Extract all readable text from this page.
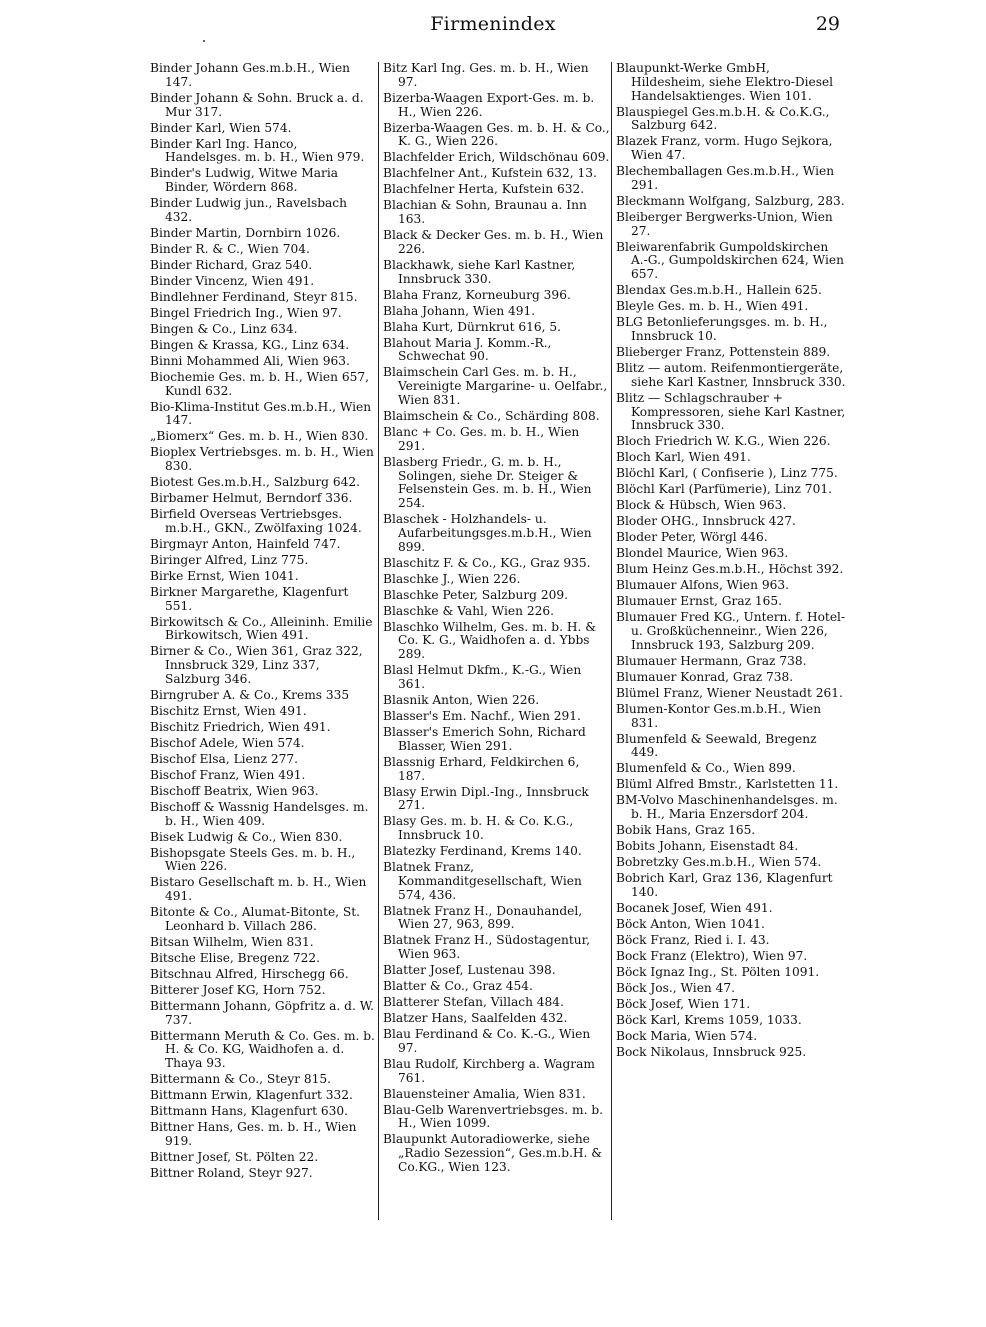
Firmenindex	29
Binder Johann Ges.m.b.H., Wien 147.
Binder Johann & Sohn. Bruck a. d. Mur 317.
Binder Karl, Wien 574.
Binder Karl Ing. Hanco, Handelsges. m. b. H., Wien 979.
Binder's Ludwig, Witwe Maria Binder, Wördern 868.
Binder Ludwig jun., Ravelsbach 432.
Binder Martin, Dornbirn 1026.
Binder R. & C., Wien 704.
Binder Richard, Graz 540.
Binder Vincenz, Wien 491.
Bindlehner Ferdinand, Steyr 815.
Bingel Friedrich Ing., Wien 97.
Bingen & Co., Linz 634.
Bingen & Krassa, KG., Linz 634.
Binni Mohammed Ali, Wien 963.
Biochemie Ges. m. b. H., Wien 657, Kundl 632.
Bio-Klima-Institut Ges.m.b.H., Wien 147.
„Biomerx“ Ges. m. b. H., Wien 830.
Bioplex Vertriebsges. m. b. H., Wien 830.
Biotest Ges.m.b.H., Salzburg 642.
Birbamer Helmut, Berndorf 336.
Birfield Overseas Vertriebsges. m.b.H., GKN., Zwölfaxing 1024.
Birgmayr Anton, Hainfeld 747.
Biringer Alfred, Linz 775.
Birke Ernst, Wien 1041.
Birkner Margarethe, Klagenfurt 551.
Birkowitsch & Co., Alleininh. Emilie Birkowitsch, Wien 491.
Birner & Co., Wien 361, Graz 322, Innsbruck 329, Linz 337, Salzburg 346.
Birngruber A. & Co., Krems 335
Bischitz Ernst, Wien 491.
Bischitz Friedrich, Wien 491.
Bischof Adele, Wien 574.
Bischof Elsa, Lienz 277.
Bischof Franz, Wien 491.
Bischoff Beatrix, Wien 963.
Bischoff & Wassnig Handelsges. m. b. H., Wien 409.
Bisek Ludwig & Co., Wien 830.
Bishopsgate Steels Ges. m. b. H., Wien 226.
Bistaro Gesellschaft m. b. H., Wien 491.
Bitonte & Co., Alumat-Bitonte, St. Leonhard b. Villach 286.
Bitsan Wilhelm, Wien 831.
Bitsche Elise, Bregenz 722.
Bitschnau Alfred, Hirschegg 66.
Bitterer Josef KG, Horn 752.
Bittermann Johann, Göpfritz a. d. W. 737.
Bittermann Meruth & Co. Ges. m. b. H. & Co. KG, Waidhofen a. d. Thaya 93.
Bittermann & Co., Steyr 815.
Bittmann Erwin, Klagenfurt 332.
Bittmann Hans, Klagenfurt 630.
Bittner Hans, Ges. m. b. H., Wien 919.
Bittner Josef, St. Pölten 22.
Bittner Roland, Steyr 927.
Bitz Karl Ing. Ges. m. b. H., Wien 97.
Bizerba-Waagen Export-Ges. m. b. H., Wien 226.
Bizerba-Waagen Ges. m. b. H. & Co., K. G., Wien 226.
Blachfelder Erich, Wildschönau 609.
Blachfelner Ant., Kufstein 632, 13.
Blachfelner Herta, Kufstein 632.
Blachian & Sohn, Braunau a. Inn 163.
Black & Decker Ges. m. b. H., Wien 226.
Blackhawk, siehe Karl Kastner, Innsbruck 330.
Blaha Franz, Korneuburg 396.
Blaha Johann, Wien 491.
Blaha Kurt, Dürnkrut 616, 5.
Blahout Maria J. Komm.-R., Schwechat 90.
Blaimschein Carl Ges. m. b. H., Vereinigte Margarine- u. Oelfabr., Wien 831.
Blaimschein & Co., Schärding 808.
Blanc + Co. Ges. m. b. H., Wien 291.
Blasberg Friedr., G. m. b. H., Solingen, siehe Dr. Steiger & Felsenstein Ges. m. b. H., Wien 254.
Blaschek - Holzhandels- u. Aufarbeitungsges.m.b.H., Wien 899.
Blaschitz F. & Co., KG., Graz 935.
Blaschke J., Wien 226.
Blaschke Peter, Salzburg 209.
Blaschke & Vahl, Wien 226.
Blaschko Wilhelm, Ges. m. b. H. & Co. K. G., Waidhofen a. d. Ybbs 289.
Blasl Helmut Dkfm., K.-G., Wien 361.
Blasnik Anton, Wien 226.
Blasser's Em. Nachf., Wien 291.
Blasser's Emerich Sohn, Richard Blasser, Wien 291.
Blassnig Erhard, Feldkirchen 6, 187.
Blasy Erwin Dipl.-Ing., Innsbruck 271.
Blasy Ges. m. b. H. & Co. K.G., Innsbruck 10.
Blatezky Ferdinand, Krems 140.
Blatnek Franz, Kommanditgesellschaft, Wien 574, 436.
Blatnek Franz H., Donauhandel, Wien 27, 963, 899.
Blatnek Franz H., Südostagentur, Wien 963.
Blatter Josef, Lustenau 398.
Blatter & Co., Graz 454.
Blatterer Stefan, Villach 484.
Blatzer Hans, Saalfelden 432.
Blau Ferdinand & Co. K.-G., Wien 97.
Blau Rudolf, Kirchberg a. Wagram 761.
Blauensteiner Amalia, Wien 831.
Blau-Gelb Warenvertriebsges. m. b. H., Wien 1099.
Blaupunkt Autoradiowerke, siehe „Radio Sezession“, Ges.m.b.H. & Co.KG., Wien 123.
Blaupunkt-Werke GmbH, Hildesheim, siehe Elektro-Diesel Handelsaktienges. Wien 101.
Blauspiegel Ges.m.b.H. & Co.K.G., Salzburg 642.
Blazek Franz, vorm. Hugo Sejkora, Wien 47.
Blechemballagen Ges.m.b.H., Wien 291.
Bleckmann Wolfgang, Salzburg, 283.
Bleiberger Bergwerks-Union, Wien 27.
Bleiwarenfabrik Gumpoldskirchen A.-G., Gumpoldskirchen 624, Wien 657.
Blendax Ges.m.b.H., Hallein 625.
Bleyle Ges. m. b. H., Wien 491.
BLG Betonlieferungsges. m. b. H., Innsbruck 10.
Blieberger Franz, Pottenstein 889.
Blitz — autom. Reifenmontiergeräte, siehe Karl Kastner, Innsbruck 330.
Blitz — Schlagschrauber + Kompressoren, siehe Karl Kastner, Innsbruck 330.
Bloch Friedrich W. K.G., Wien 226.
Bloch Karl, Wien 491.
Blöchl Karl, ( Confiserie ), Linz 775.
Blöchl Karl (Parfümerie), Linz 701.
Block & Hübsch, Wien 963.
Bloder OHG., Innsbruck 427.
Bloder Peter, Wörgl 446.
Blondel Maurice, Wien 963.
Blum Heinz Ges.m.b.H., Höchst 392.
Blumauer Alfons, Wien 963.
Blumauer Ernst, Graz 165.
Blumauer Fred KG., Untern. f. Hotel- u. Großküchenneinr., Wien 226, Innsbruck 193, Salzburg 209.
Blumauer Hermann, Graz 738.
Blumauer Konrad, Graz 738.
Blümel Franz, Wiener Neustadt 261.
Blumen-Kontor Ges.m.b.H., Wien 831.
Blumenfeld & Seewald, Bregenz 449.
Blumenfeld & Co., Wien 899.
Blüml Alfred Bmstr., Karlstetten 11.
BM-Volvo Maschinenhandelsges. m. b. H., Maria Enzersdorf 204.
Bobik Hans, Graz 165.
Bobits Johann, Eisenstadt 84.
Bobretzky Ges.m.b.H., Wien 574.
Bobrich Karl, Graz 136, Klagenfurt 140.
Bocanek Josef, Wien 491.
Böck Anton, Wien 1041.
Böck Franz, Ried i. I. 43.
Bock Franz (Elektro), Wien 97.
Böck Ignaz Ing., St. Pölten 1091.
Böck Jos., Wien 47.
Böck Josef, Wien 171.
Böck Karl, Krems 1059, 1033.
Bock Maria, Wien 574.
Bock Nikolaus, Innsbruck 925.
